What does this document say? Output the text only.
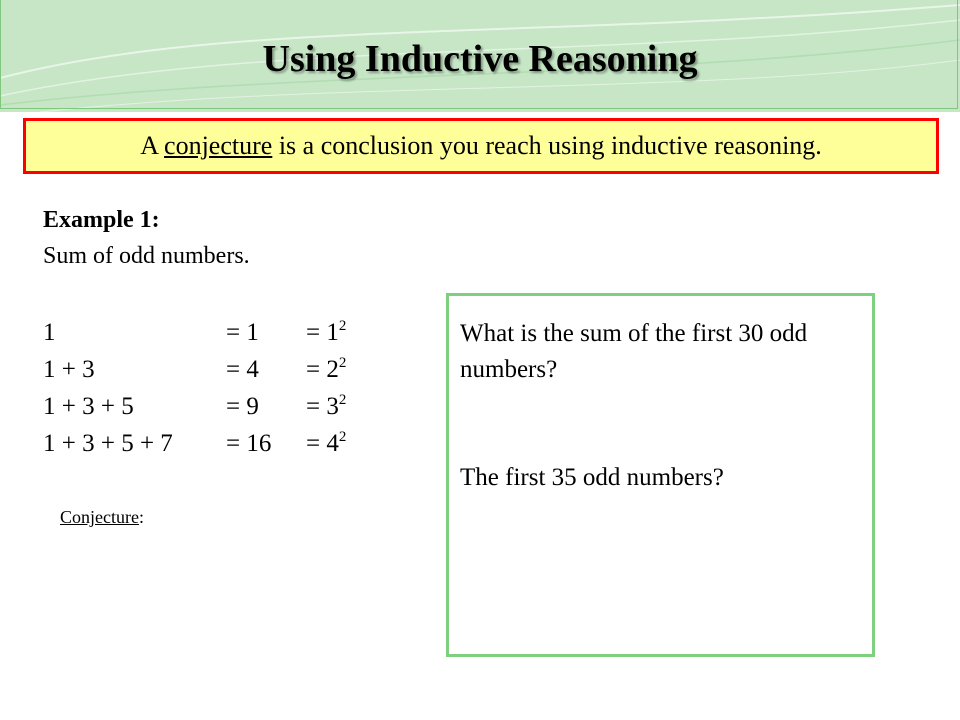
Using Inductive Reasoning
A conjecture is a conclusion you reach using inductive reasoning.
Example 1:
Sum of odd numbers.
1
1 + 3
1 + 3 + 5
1 + 3 + 5 + 7
= 1
= 4
= 9
= 16
= $1^2$
= $2^2$
= $3^2$
= $4^2$
Conjecture:
What is the sum of the first 30 odd numbers?
The first 35 odd numbers?
